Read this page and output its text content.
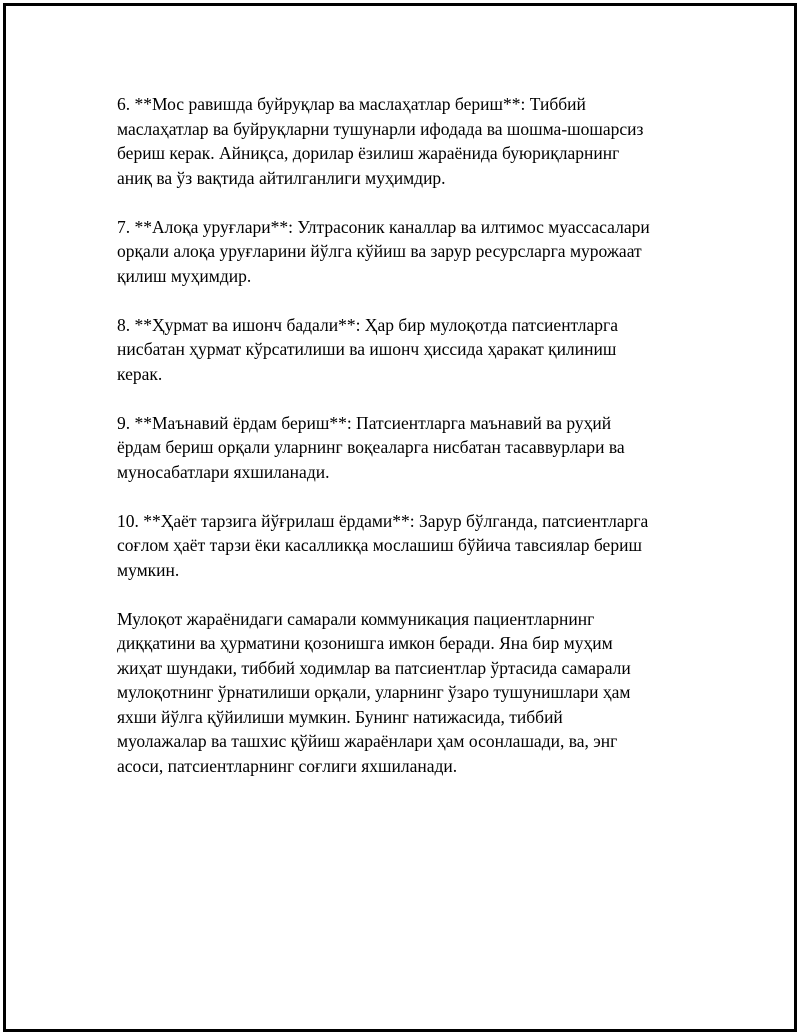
6. **Мос равишда буйруқлар ва маслаҳатлар бериш**: Тиббий
маслаҳатлар ва буйруқларни тушунарли ифодада ва шошма-шошарсиз
бериш керак. Айниқса, дорилар ёзилиш жараёнида буюриқларнинг
аниқ ва ўз вақтида айтилганлиги муҳимдир.

7. **Алоқа уруғлари**: Ултрасоник каналлар ва илтимос муассасалари
орқали алоқа уруғларини йўлга кўйиш ва зарур ресурсларга мурожаат
қилиш муҳимдир.

8. **Ҳурмат ва ишонч бадали**: Ҳар бир мулоқотда патсиентларга
нисбатан ҳурмат кўрсатилиши ва ишонч ҳиссида ҳаракат қилиниш
керак.

9. **Маънавий ёрдам бериш**: Патсиентларга маънавий ва руҳий
ёрдам бериш орқали уларнинг воқеаларга нисбатан тасаввурлари ва
муносабатлари яхшиланади.

10. **Ҳаёт тарзига йўғрилаш ёрдами**: Зарур бўлганда, патсиентларга
соғлом ҳаёт тарзи ёки касалликқа мослашиш бўйича тавсиялар бериш
мумкин.

Мулоқот жараёнидаги самарали коммуникация пациентларнинг
диққатини ва ҳурматини қозонишга имкон беради. Яна бир муҳим
жиҳат шундаки, тиббий ходимлар ва патсиентлар ўртасида самарали
мулоқотнинг ўрнатилиши орқали, уларнинг ўзаро тушунишлари ҳам
яхши йўлга қўйилиши мумкин. Бунинг натижасида, тиббий
муолажалар ва ташхис қўйиш жараёнлари ҳам осонлашади, ва, энг
асоси, патсиентларнинг соғлиги яхшиланади.
